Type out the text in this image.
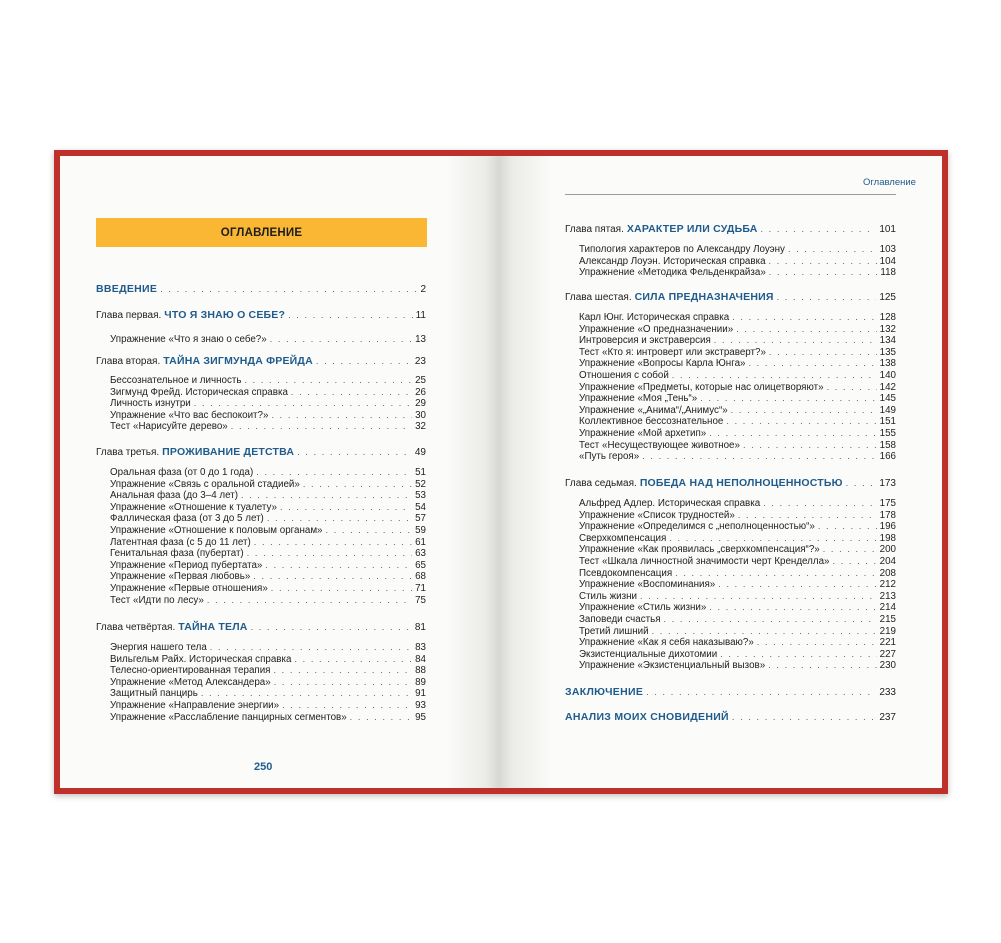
ОГЛАВЛЕНИЕ
250
ВВЕДЕНИЕ . . .	2
Глава первая. ЧТО Я ЗНАЮ О СЕБЕ? . . .	11
Упражнение «Что я знаю о себе?» . . .	13
Глава вторая. ТАЙНА ЗИГМУНДА ФРЕЙДА . . .	23
Бессознательное и личность . . .	25
Зигмунд Фрейд. Историческая справка . . .	26
Личность изнутри . . .	29
Упражнение «Что вас беспокоит?» . . .	30
Тест «Нарисуйте дерево» . . .	32
Глава третья. ПРОЖИВАНИЕ ДЕТСТВА . . .	49
Оральная фаза (от 0 до 1 года) . . .	51
Упражнение «Связь с оральной стадией» . . .	52
Анальная фаза (до 3–4 лет) . . .	53
Упражнение «Отношение к туалету» . . .	54
Фаллическая фаза (от 3 до 5 лет) . . .	57
Упражнение «Отношение к половым органам» . . .	59
Латентная фаза (с 5 до 11 лет) . . .	61
Генитальная фаза (пубертат) . . .	63
Упражнение «Период пубертата» . . .	65
Упражнение «Первая любовь» . . .	68
Упражнение «Первые отношения» . . .	71
Тест «Идти по лесу» . . .	75
Глава четвёртая. ТАЙНА ТЕЛА . . .	81
Энергия нашего тела . . .	83
Вильгельм Райх. Историческая справка . . .	84
Телесно-ориентированная терапия . . .	88
Упражнение «Метод Александера» . . .	89
Защитный панцирь . . .	91
Упражнение «Направление энергии» . . .	93
Упражнение «Расслабление панцирных сегментов» . . .	95
Оглавление
Глава пятая. ХАРАКТЕР ИЛИ СУДЬБА . . .	101
Типология характеров по Александру Лоуэну . . .	103
Александр Лоуэн. Историческая справка . . .	104
Упражнение «Методика Фельденкрайза» . . .	118
Глава шестая. СИЛА ПРЕДНАЗНАЧЕНИЯ . . .	125
Карл Юнг. Историческая справка . . .	128
Упражнение «О предназначении» . . .	132
Интроверсия и экстраверсия . . .	134
Тест «Кто я: интроверт или экстраверт?» . . .	135
Упражнение «Вопросы Карла Юнга» . . .	138
Отношения с собой . . .	140
Упражнение «Предметы, которые нас олицетворяют» . . .	142
Упражнение «Моя „Тень“» . . .	145
Упражнение «„Анима“/„Анимус“» . . .	149
Коллективное бессознательное . . .	151
Упражнение «Мой архетип» . . .	155
Тест «Несуществующее животное» . . .	158
«Путь героя» . . .	166
Глава седьмая. ПОБЕДА НАД НЕПОЛНОЦЕННОСТЬЮ . . .	173
Альфред Адлер. Историческая справка . . .	175
Упражнение «Список трудностей» . . .	178
Упражнение «Определимся с „неполноценностью“» . . .	196
Сверхкомпенсация . . .	198
Упражнение «Как проявилась „сверхкомпенсация“?» . . .	200
Тест «Шкала личностной значимости черт Кренделла» . . .	204
Псевдокомпенсация . . .	208
Упражнение «Воспоминания» . . .	212
Стиль жизни . . .	213
Упражнение «Стиль жизни» . . .	214
Заповеди счастья . . .	215
Третий лишний . . .	219
Упражнение «Как я себя наказываю?» . . .	221
Экзистенциальные дихотомии . . .	227
Упражнение «Экзистенциальный вызов» . . .	230
ЗАКЛЮЧЕНИЕ . . .	233
АНАЛИЗ МОИХ СНОВИДЕНИЙ . . .	237
